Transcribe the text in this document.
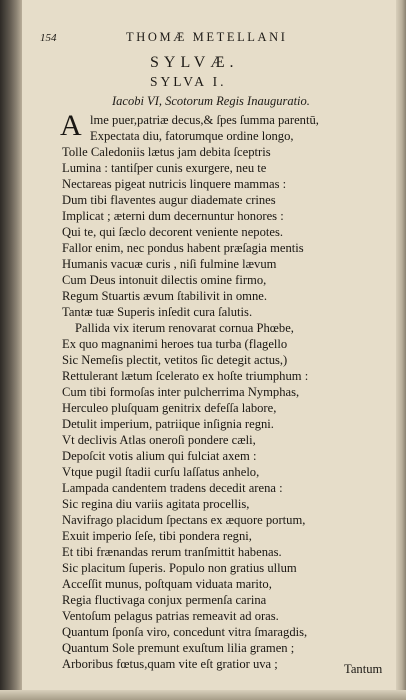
154	THOMÆ METELLANI
SYLVÆ.
SYLVA I.
Iacobi VI, Scotorum Regis Inauguratio.
A lme puer,patriæ decus,& ſpes ſumma parentū,
Expectata diu, fatorumque ordine longo,
Tolle Caledoniis lætus jam debita ſceptris
Lumina : tantiſper cunis exurgere, neu te
Nectareas pigeat nutricis linquere mammas :
Dum tibi flaventes augur diademate crines
Implicat ; æterni dum decernuntur honores :
Qui te, qui ſæclo decorent veniente nepotes.
Fallor enim, nec pondus habent præſagia mentis
Humanis vacuæ curis , niſi fulmine lævum
Cum Deus intonuit dilectis omine firmo,
Regum Stuartis ævum ſtabilivit in omne.
Tantæ tuæ Superis inſedit cura ſalutis.
Pallida vix iterum renovarat cornua Phœbe,
Ex quo magnanimi heroes tua turba (flagello
Sic Nemeſis plectit, vetitos ſic detegit actus,)
Rettulerant lætum ſcelerato ex hoſte triumphum :
Cum tibi formoſas inter pulcherrima Nymphas,
Herculeo pluſquam genitrix defeſſa labore,
Detulit imperium, patriique inſignia regni.
Vt declivis Atlas oneroſi pondere cæli,
Depoſcit votis alium qui fulciat axem :
Vtque pugil ſtadii curſu laſſatus anhelo,
Lampada candentem tradens decedit arena :
Sic regina diu variis agitata procellis,
Navifrago placidum ſpectans ex æquore portum,
Exuit imperio ſeſe, tibi pondera regni,
Et tibi frænandas rerum tranſmittit habenas.
Sic placitum ſuperis. Populo non gratius ullum
Acceſſit munus, poſtquam viduata marito,
Regia fluctivaga conjux permenſa carina
Ventoſum pelagus patrias remeavit ad oras.
Quantum ſponſa viro, concedunt vitra ſmaragdis,
Quantum Sole premunt exuſtum lilia gramen ;
Arboribus fœtus,quam vite eſt gratior uva ;	Tantum
